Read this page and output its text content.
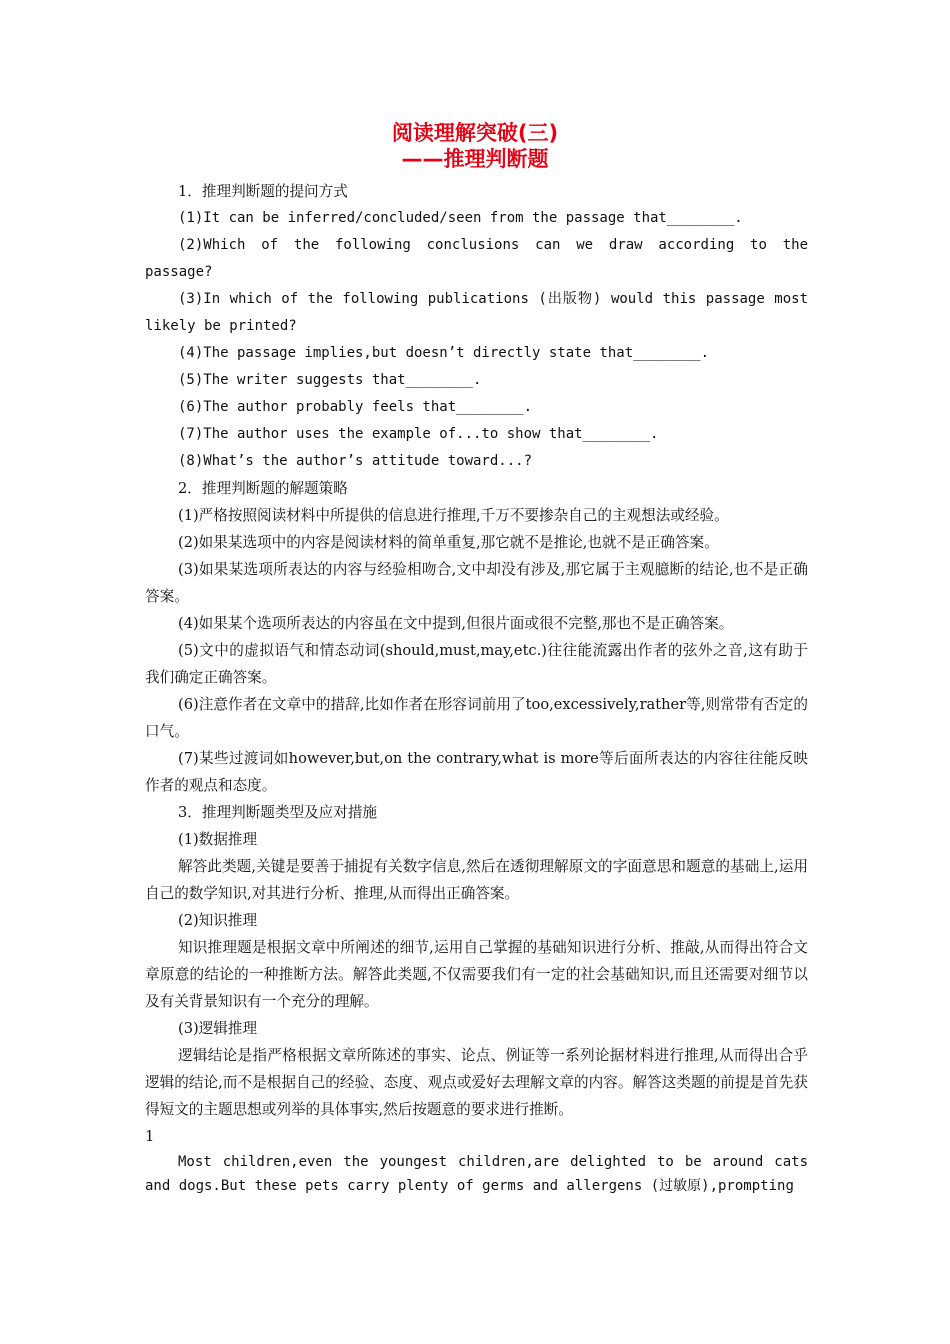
阅读理解突破(三)

——推理判断题

1．推理判断题的提问方式

(1)It can be inferred/concluded/seen from the passage that________.

(2)Which of the following conclusions can we draw according to the passage?

(3)In which of the following publications (出版物) would this passage most likely be printed?

(4)The passage implies,but doesn’t directly state that________.

(5)The writer suggests that________.

(6)The author probably feels that________.

(7)The author uses the example of...to show that________.

(8)What’s the author’s attitude toward...?

2．推理判断题的解题策略

(1)严格按照阅读材料中所提供的信息进行推理,千万不要掺杂自己的主观想法或经验。

(2)如果某选项中的内容是阅读材料的简单重复,那它就不是推论,也就不是正确答案。

(3)如果某选项所表达的内容与经验相吻合,文中却没有涉及,那它属于主观臆断的结论,也不是正确答案。

(4)如果某个选项所表达的内容虽在文中提到,但很片面或很不完整,那也不是正确答案。

(5)文中的虚拟语气和情态动词(should,must,may,etc.)往往能流露出作者的弦外之音,这有助于我们确定正确答案。

(6)注意作者在文章中的措辞,比如作者在形容词前用了too,excessively,rather等,则常带有否定的口气。

(7)某些过渡词如however,but,on the contrary,what is more等后面所表达的内容往往能反映作者的观点和态度。

3．推理判断题类型及应对措施

(1)数据推理

解答此类题,关键是要善于捕捉有关数字信息,然后在透彻理解原文的字面意思和题意的基础上,运用自己的数学知识,对其进行分析、推理,从而得出正确答案。

(2)知识推理

知识推理题是根据文章中所阐述的细节,运用自己掌握的基础知识进行分析、推敲,从而得出符合文章原意的结论的一种推断方法。解答此类题,不仅需要我们有一定的社会基础知识,而且还需要对细节以及有关背景知识有一个充分的理解。

(3)逻辑推理

逻辑结论是指严格根据文章所陈述的事实、论点、例证等一系列论据材料进行推理,从而得出合乎逻辑的结论,而不是根据自己的经验、态度、观点或爱好去理解文章的内容。解答这类题的前提是首先获得短文的主题思想或列举的具体事实,然后按题意的要求进行推断。

1

Most children,even the youngest children,are delighted to be around cats and dogs.But these pets carry plenty of germs and allergens (过敏原),prompting
